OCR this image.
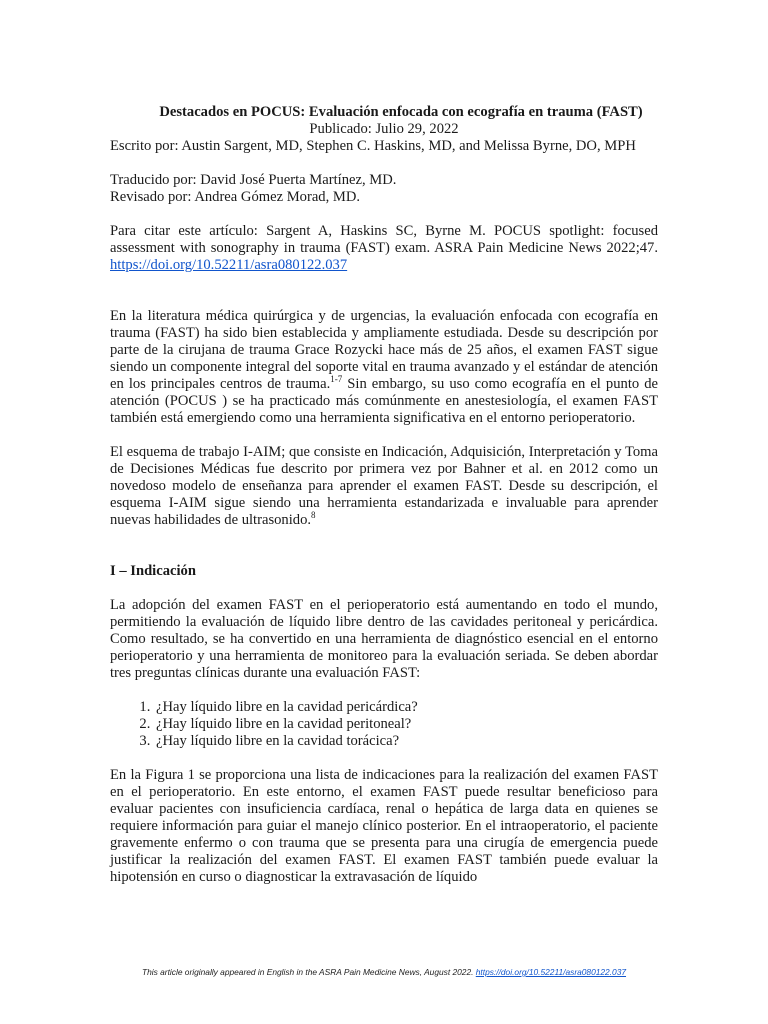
Destacados en POCUS: Evaluación enfocada con ecografía en trauma (FAST)

Publicado: Julio 29, 2022

Escrito por: Austin Sargent, MD, Stephen C. Haskins, MD, and Melissa Byrne, DO, MPH

Traducido por: David José Puerta Martínez, MD.

Revisado por: Andrea Gómez Morad, MD.

Para citar este artículo: Sargent A, Haskins SC, Byrne M. POCUS spotlight: focused assessment with sonography in trauma (FAST) exam. ASRA Pain Medicine News 2022;47. https://doi.org/10.52211/asra080122.037

En la literatura médica quirúrgica y de urgencias, la evaluación enfocada con ecografía en trauma (FAST) ha sido bien establecida y ampliamente estudiada. Desde su descripción por parte de la cirujana de trauma Grace Rozycki hace más de 25 años, el examen FAST sigue siendo un componente integral del soporte vital en trauma avanzado y el estándar de atención en los principales centros de trauma.$^{1-7}$ Sin embargo, su uso como ecografía en el punto de atención (POCUS ) se ha practicado más comúnmente en anestesiología, el examen FAST también está emergiendo como una herramienta significativa en el entorno perioperatorio.

El esquema de trabajo I-AIM; que consiste en Indicación, Adquisición, Interpretación y Toma de Decisiones Médicas fue descrito por primera vez por Bahner et al. en 2012 como un novedoso modelo de enseñanza para aprender el examen FAST. Desde su descripción, el esquema I-AIM sigue siendo una herramienta estandarizada e invaluable para aprender nuevas habilidades de ultrasonido.$^8$

I – Indicación

La adopción del examen FAST en el perioperatorio está aumentando en todo el mundo, permitiendo la evaluación de líquido libre dentro de las cavidades peritoneal y pericárdica. Como resultado, se ha convertido en una herramienta de diagnóstico esencial en el entorno perioperatorio y una herramienta de monitoreo para la evaluación seriada. Se deben abordar tres preguntas clínicas durante una evaluación FAST:

1. ¿Hay líquido libre en la cavidad pericárdica?
2. ¿Hay líquido libre en la cavidad peritoneal?
3. ¿Hay líquido libre en la cavidad torácica?

En la Figura 1 se proporciona una lista de indicaciones para la realización del examen FAST en el perioperatorio. En este entorno, el examen FAST puede resultar beneficioso para evaluar pacientes con insuficiencia cardíaca, renal o hepática de larga data en quienes se requiere información para guiar el manejo clínico posterior. En el intraoperatorio, el paciente gravemente enfermo o con trauma que se presenta para una cirugía de emergencia puede justificar la realización del examen FAST. El examen FAST también puede evaluar la hipotensión en curso o diagnosticar la extravasación de líquido

This article originally appeared in English in the ASRA Pain Medicine News, August 2022. https://doi.org/10.52211/asra080122.037
